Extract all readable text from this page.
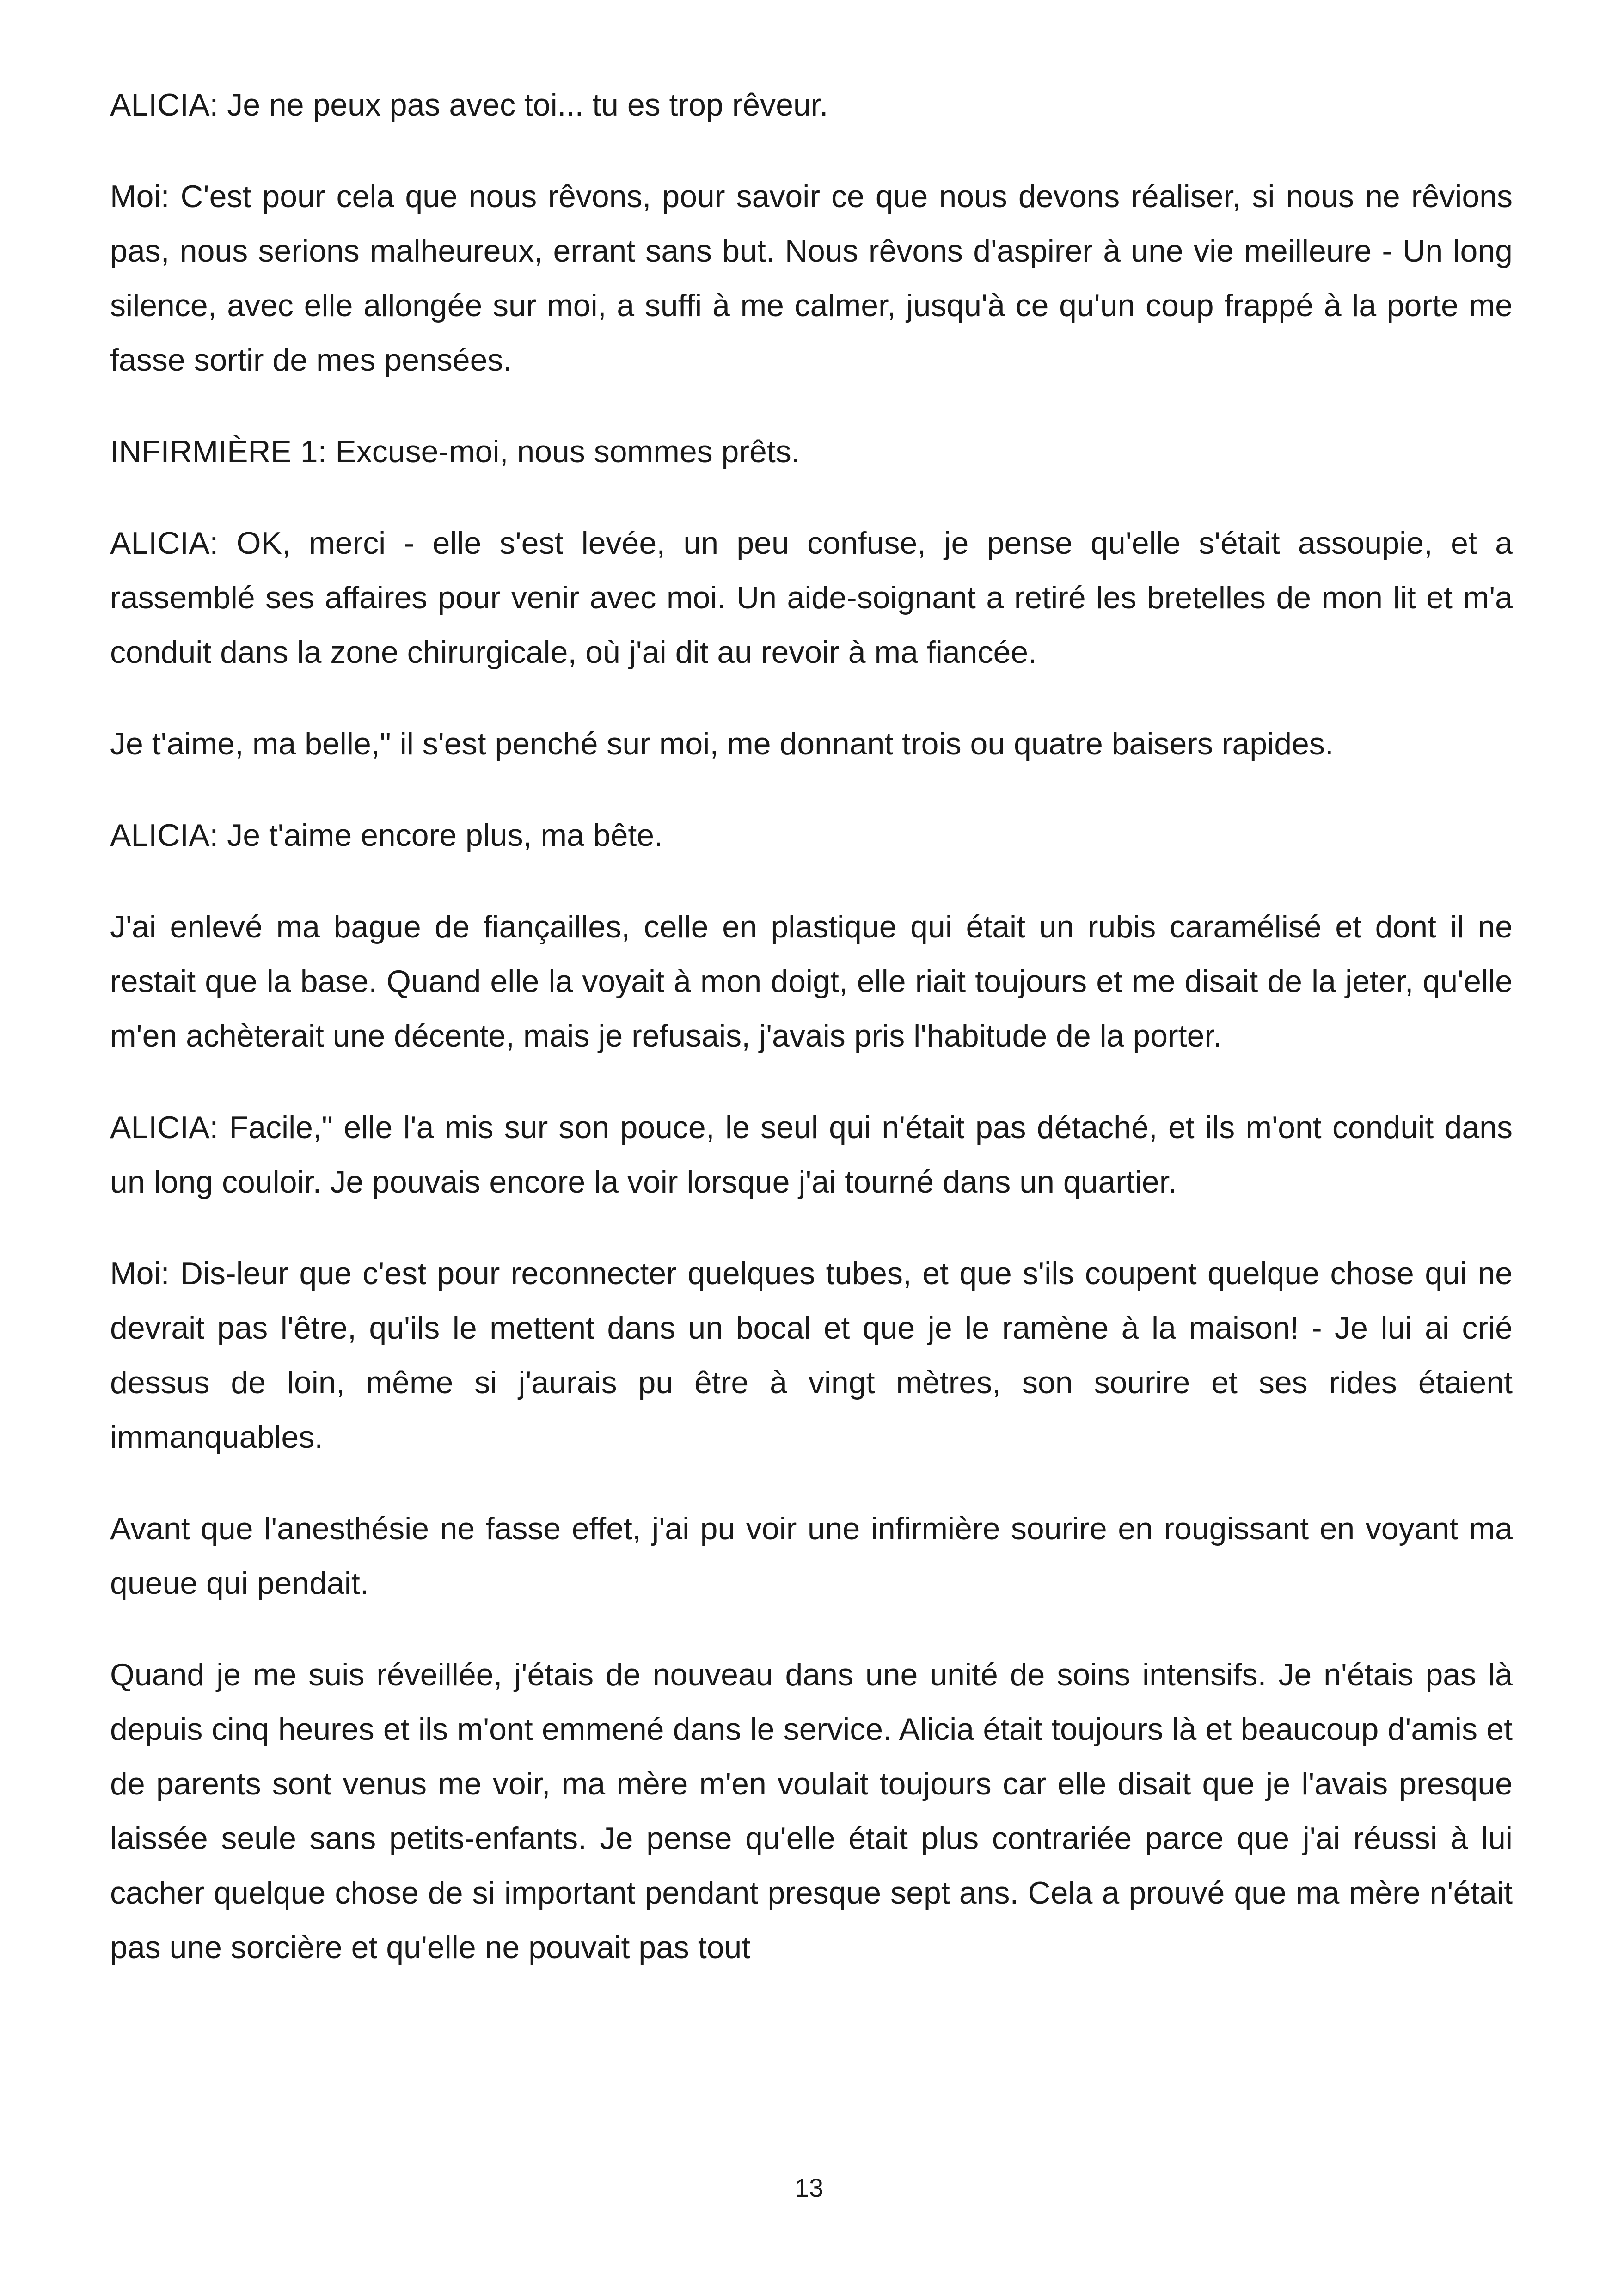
ALICIA: Je ne peux pas avec toi... tu es trop rêveur.

Moi: C'est pour cela que nous rêvons, pour savoir ce que nous devons réaliser, si nous ne rêvions pas, nous serions malheureux, errant sans but. Nous rêvons d'aspirer à une vie meilleure - Un long silence, avec elle allongée sur moi, a suffi à me calmer, jusqu'à ce qu'un coup frappé à la porte me fasse sortir de mes pensées.

INFIRMIÈRE 1: Excuse-moi, nous sommes prêts.

ALICIA: OK, merci - elle s'est levée, un peu confuse, je pense qu'elle s'était assoupie, et a rassemblé ses affaires pour venir avec moi. Un aide-soignant a retiré les bretelles de mon lit et m'a conduit dans la zone chirurgicale, où j'ai dit au revoir à ma fiancée.

Je t'aime, ma belle," il s'est penché sur moi, me donnant trois ou quatre baisers rapides.

ALICIA: Je t'aime encore plus, ma bête.

J'ai enlevé ma bague de fiançailles, celle en plastique qui était un rubis caramélisé et dont il ne restait que la base. Quand elle la voyait à mon doigt, elle riait toujours et me disait de la jeter, qu'elle m'en achèterait une décente, mais je refusais, j'avais pris l'habitude de la porter.

ALICIA: Facile," elle l'a mis sur son pouce, le seul qui n'était pas détaché, et ils m'ont conduit dans un long couloir. Je pouvais encore la voir lorsque j'ai tourné dans un quartier.

Moi: Dis-leur que c'est pour reconnecter quelques tubes, et que s'ils coupent quelque chose qui ne devrait pas l'être, qu'ils le mettent dans un bocal et que je le ramène à la maison! - Je lui ai crié dessus de loin, même si j'aurais pu être à vingt mètres, son sourire et ses rides étaient immanquables.

Avant que l'anesthésie ne fasse effet, j'ai pu voir une infirmière sourire en rougissant en voyant ma queue qui pendait.

Quand je me suis réveillée, j'étais de nouveau dans une unité de soins intensifs. Je n'étais pas là depuis cinq heures et ils m'ont emmené dans le service. Alicia était toujours là et beaucoup d'amis et de parents sont venus me voir, ma mère m'en voulait toujours car elle disait que je l'avais presque laissée seule sans petits-enfants. Je pense qu'elle était plus contrariée parce que j'ai réussi à lui cacher quelque chose de si important pendant presque sept ans. Cela a prouvé que ma mère n'était pas une sorcière et qu'elle ne pouvait pas tout

13
